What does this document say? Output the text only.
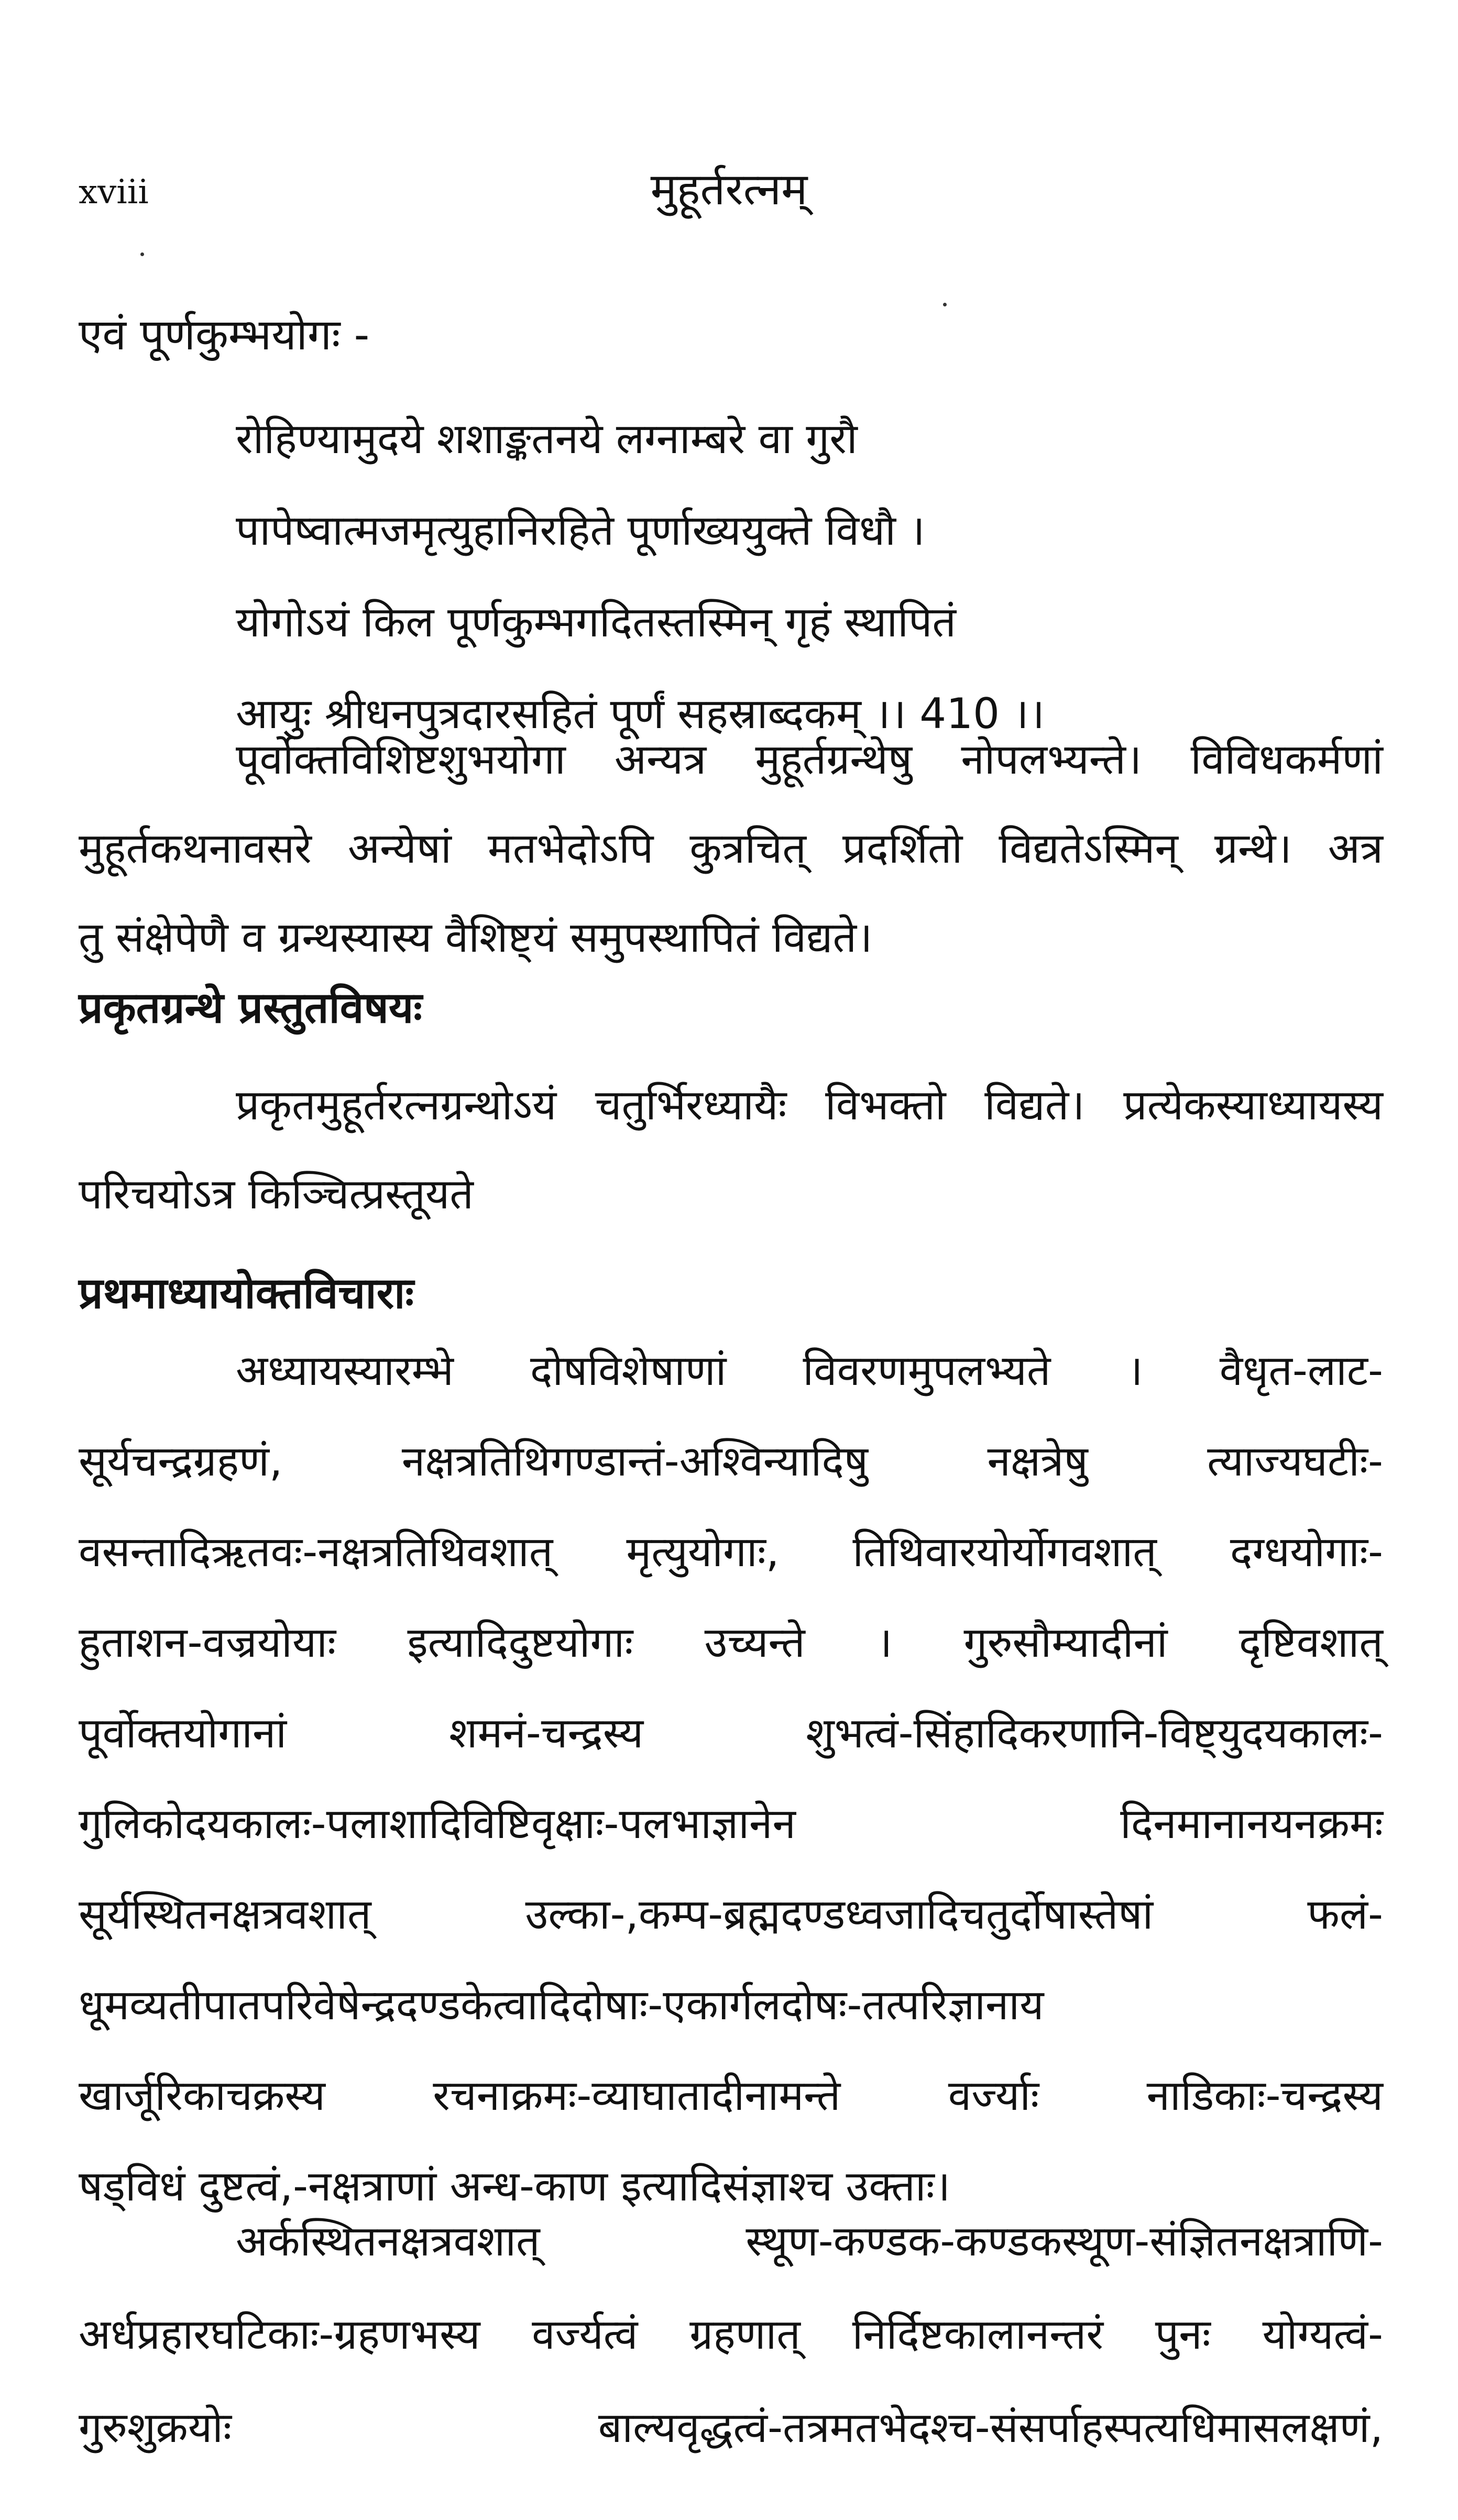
xviii	मुहूर्तरत्नम्
एवं पूर्णकुम्भयोगः -
रोहिण्यामुदये शशाङ्कतनये लग्नाम्बरे वा गुरौ
पापेष्वात्मजमृत्युहानिरहिते पूर्णाख्ययुक्ते विधौ ।
योगोऽयं किल पूर्णकुम्भगदितस्तस्मिन् गृहं स्थापितं
आयुः श्रीधनपुत्रदारसहितं पूर्णं सहस्राब्दकम् ।। 410 ।।
पूर्वोक्तविशिष्टशुभयोगा अन्यत्र मुहूर्तग्रन्थेषु नोपलभ्यन्ते। विविधकर्मणां
मुहूर्तकथनावसरे अन्येषां मतभेदोऽपि कुत्रचित् प्रदर्शितो विद्यतेऽस्मिन् ग्रन्थे। अत्र
तु संक्षेपेणै व ग्रन्थस्यास्य वैशिष्ट्यं समुपस्थापितं विद्यते।
प्रकृतग्रन्थे प्रस्तुतविषयः
प्रकृतमुहूर्तरत्नग्रन्थोऽयं चतुर्भिरध्यायैः विभक्तो विद्यते। प्रत्येकस्याध्यायस्य
परिचयोऽत्र किञ्चित्प्रस्तूयते
प्रथमाध्यायोक्तविचाराः
अध्यायस्यारम्भे दोषविशेषाणां विवरणमुपलभ्यते । वैधृत-लाट-
सूर्यचन्द्रग्रहणं, नक्षत्रतिथिगण्डान्तं-अश्विन्यादिषु नक्षत्रेषु त्याज्यघटीः-
वसन्तादिऋतवः-नक्षत्रतिथिवशात् मृत्युयोगाः, तिथिवारयोर्योगवशात् दग्धयोगाः-
हुताशन-वज्रयोयाः इत्यादिदुष्टयोगाः उच्यन्ते । गुरुसौम्यादीनां दृष्टिवशात्
पूर्वोक्तयोगानां शमनं-चन्द्रस्य शुभत्वं-सिंहादिकरणानि-विष्ट्युदयकालः-
गुलिकोदयकालः-पलाशादिविष्टिवृक्षाः-पलभाज्ञानेन दिनमानानयनक्रमः
सूर्यस्थितनक्षत्रवशात् उल्का-,कम्प-ब्रह्मदण्डध्वजादिचतुर्दोषास्तेषां फलं-
धूमव्यतीपातपरिवेषेन्द्रदण्डकेत्वादिदोषाः-एकार्गलदोषः-तत्परिज्ञानाय
खार्जूरिकाचक्रस्य रचनाक्रमः-व्याघातादीनामन्ते वर्ज्याः नाडिकाः-चन्द्रस्य
षड्विधं दुष्टत्वं,-नक्षत्राणां अन्ध-काण इत्यादिसंज्ञाश्च उक्ताः।
अर्कस्थितनक्षत्रवशात् स्थूण-कण्डक-कण्डकस्थूण-संज्ञितनक्षत्राणि-
अर्धप्रहारघटिकाः-ग्रहणभस्य वर्ज्यत्वं ग्रहणात् निर्दिष्टकालानन्तरं पुनः योग्यत्वं-
गुरुशुक्रयोः बाल्यवृद्धत्वं-तत्रमतभेदश्च-संसर्पाहस्पत्यधिमासलक्षणं,
